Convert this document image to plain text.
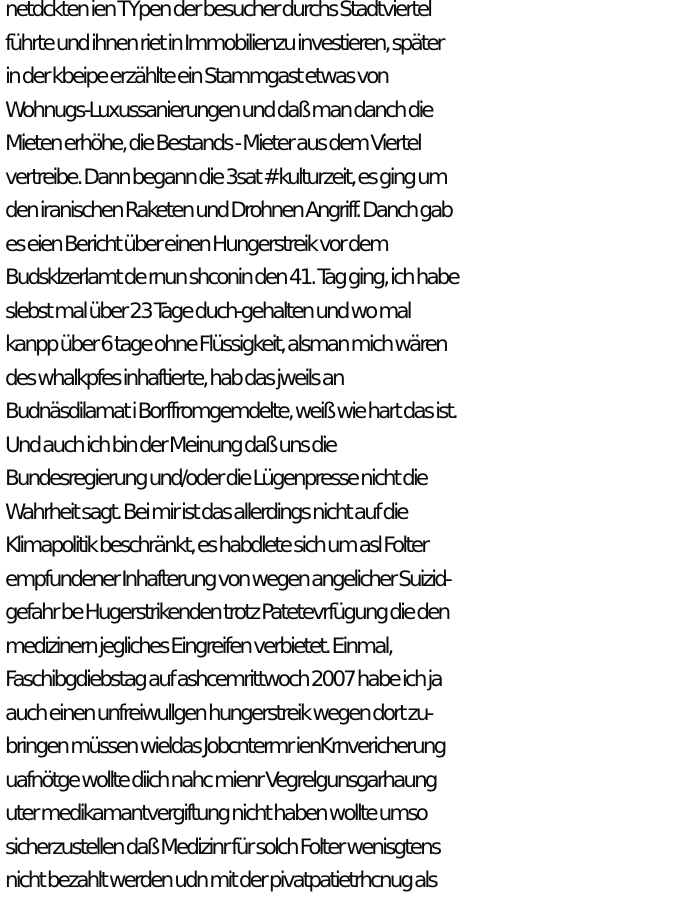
netdckten ien TYpen der besucher durchs Stadtviertel
führte und ihnen riet in Immobilienzu investieren, später
in der kbeipe erzählte ein Stammgast etwas von
Wohnugs-Luxussanierungen und daß man danch die
Mieten erhöhe, die Bestands - Mieter aus dem Viertel
vertreibe. Dann begann die 3sat #kulturzeit, es ging um
den iranischen Raketen und Drohnen Angriff. Danch gab
es eien Bericht über einen Hungerstreik vor dem
Budsklzerlamt de rnun shconin den 41. Tag ging, ich habe
slebst mal über 23 Tage duch-gehalten und wo mal
kanpp über 6 tage ohne Flüssigkeit, alsman mich wären
des whalkpfes inhaftierte, hab das jweils an
Budnäsdilamat i Borffromgemdelte, weiß wie hart das ist.
Und auch ich bin der Meinung daß uns die
Bundesregierung und/oder die Lügenpresse nicht die
Wahrheit sagt. Bei mir ist das allerdings nicht auf die
Klimapolitik beschränkt, es habdlete sich um asl Folter
empfundener Inhafterung von wegen angelicher Suizid-
gefahr be Hugerstrikenden trotz Patetevrfügung die den
medizinern jegliches Eingreifen verbietet. Einmal,
Faschibgdiebstag auf ashcemrittwoch 2007 habe ich ja
auch einen unfreiwullgen hungerstreik wegen dort zu-
bringen müssen wieldas Jobcntermr ienKrnvericherung
uafnötge wollte diich nahc mienr Vegrelgunsgarhaung
uter medikamantvergiftung nicht haben wollte umso
sicherzustellen daß Medizinr für solch Folter wenisgtens
nicht bezahlt werden udn mit der pivatpatietrhcnug als
